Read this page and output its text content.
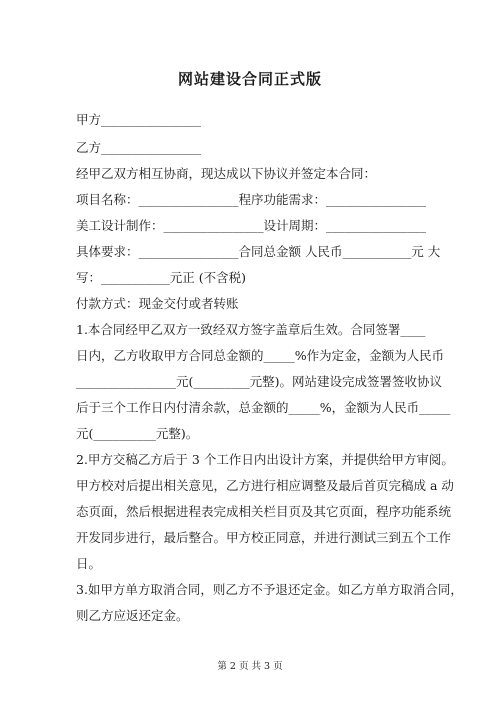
网站建设合同正式版
甲方________________
乙方________________
经甲乙双方相互协商，现达成以下协议并签定本合同：
项目名称：________________程序功能需求：________________
美工设计制作：________________设计周期：________________
具体要求：________________合同总金额 人民币___________元 大
写：___________元正 (不含税)
付款方式：现金交付或者转账
1.本合同经甲乙双方一致经双方签字盖章后生效。合同签署____
日内，乙方收取甲方合同总金额的_____%作为定金，金额为人民币
________________元(_________元整)。网站建设完成签署签收协议
后于三个工作日内付清余款，总金额的_____%，金额为人民币_____
元(__________元整)。
2.甲方交稿乙方后于 3 个工作日内出设计方案，并提供给甲方审阅。
甲方校对后提出相关意见，乙方进行相应调整及最后首页完稿成 a 动
态页面，然后根据进程表完成相关栏目页及其它页面，程序功能系统
开发同步进行，最后整合。甲方校正同意，并进行测试三到五个工作
日。
3.如甲方单方取消合同，则乙方不予退还定金。如乙方单方取消合同，
则乙方应返还定金。
第 2 页 共 3 页
